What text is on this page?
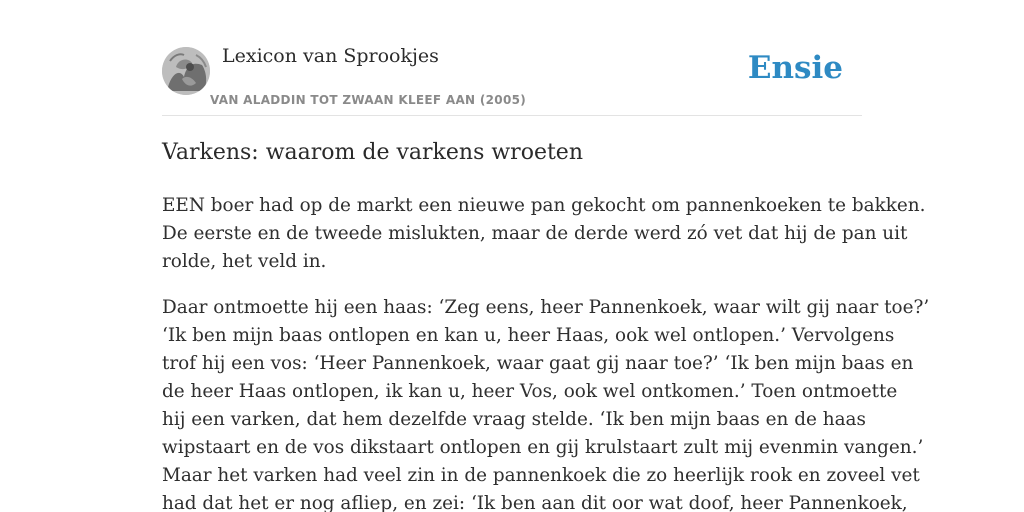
Lexicon van Sprookjes
VAN ALADDIN TOT ZWAAN KLEEF AAN (2005)
Ensie
Varkens: waarom de varkens wroeten

EEN boer had op de markt een nieuwe pan gekocht om pannenkoeken te bakken.
De eerste en de tweede mislukten, maar de derde werd zó vet dat hij de pan uit
rolde, het veld in.

Daar ontmoette hij een haas: ‘Zeg eens, heer Pannenkoek, waar wilt gij naar toe?’
‘Ik ben mijn baas ontlopen en kan u, heer Haas, ook wel ontlopen.’ Vervolgens
trof hij een vos: ‘Heer Pannenkoek, waar gaat gij naar toe?’ ‘Ik ben mijn baas en
de heer Haas ontlopen, ik kan u, heer Vos, ook wel ontkomen.’ Toen ontmoette
hij een varken, dat hem dezelfde vraag stelde. ‘Ik ben mijn baas en de haas
wipstaart en de vos dikstaart ontlopen en gij krulstaart zult mij evenmin vangen.’
Maar het varken had veel zin in de pannenkoek die zo heerlijk rook en zoveel vet
had dat het er nog afliep, en zei: ‘Ik ben aan dit oor wat doof, heer Pannenkoek,
